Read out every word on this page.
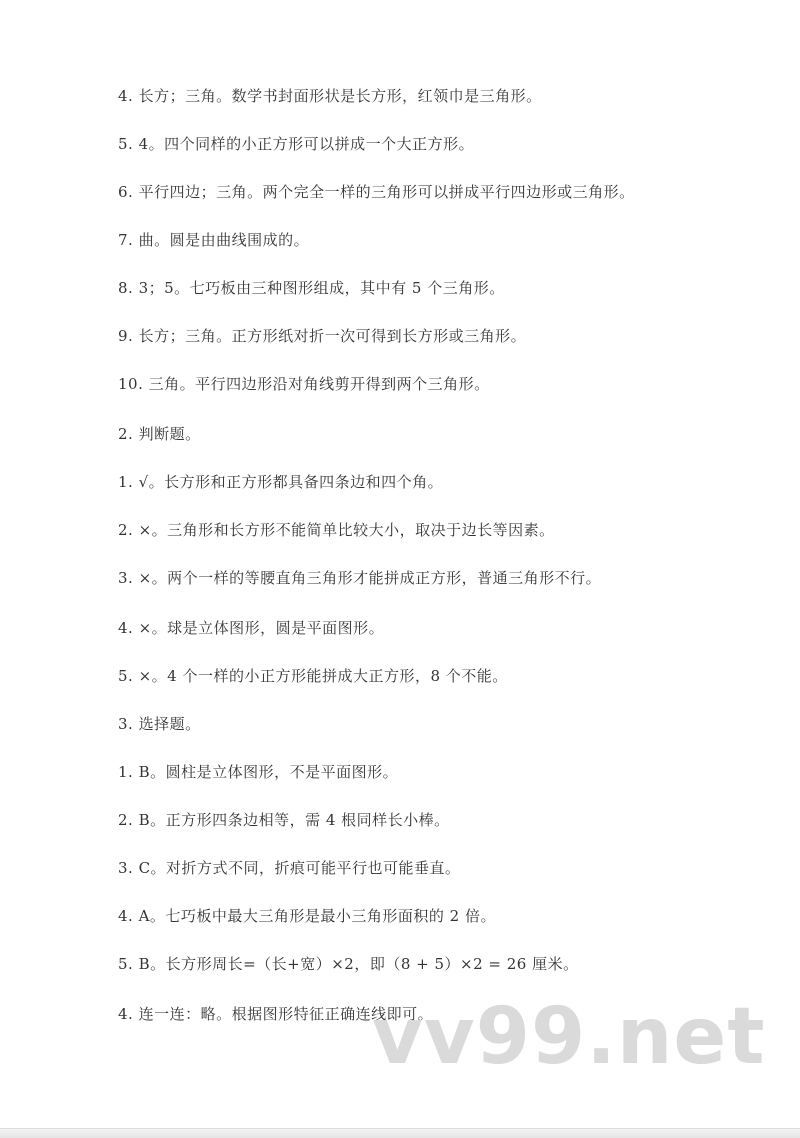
4. 长方；三角。数学书封面形状是长方形，红领巾是三角形。
5. 4。四个同样的小正方形可以拼成一个大正方形。
6. 平行四边；三角。两个完全一样的三角形可以拼成平行四边形或三角形。
7. 曲。圆是由曲线围成的。
8. 3；5。七巧板由三种图形组成，其中有 5 个三角形。
9. 长方；三角。正方形纸对折一次可得到长方形或三角形。
10. 三角。平行四边形沿对角线剪开得到两个三角形。
2. 判断题。
1. √。长方形和正方形都具备四条边和四个角。
2. ×。三角形和长方形不能简单比较大小，取决于边长等因素。
3. ×。两个一样的等腰直角三角形才能拼成正方形，普通三角形不行。
4. ×。球是立体图形，圆是平面图形。
5. ×。4 个一样的小正方形能拼成大正方形，8 个不能。
3. 选择题。
1. B。圆柱是立体图形，不是平面图形。
2. B。正方形四条边相等，需 4 根同样长小棒。
3. C。对折方式不同，折痕可能平行也可能垂直。
4. A。七巧板中最大三角形是最小三角形面积的 2 倍。
5. B。长方形周长=（长+宽）×2，即（8 + 5）×2 = 26 厘米。
4. 连一连：略。根据图形特征正确连线即可。
vv99.net
